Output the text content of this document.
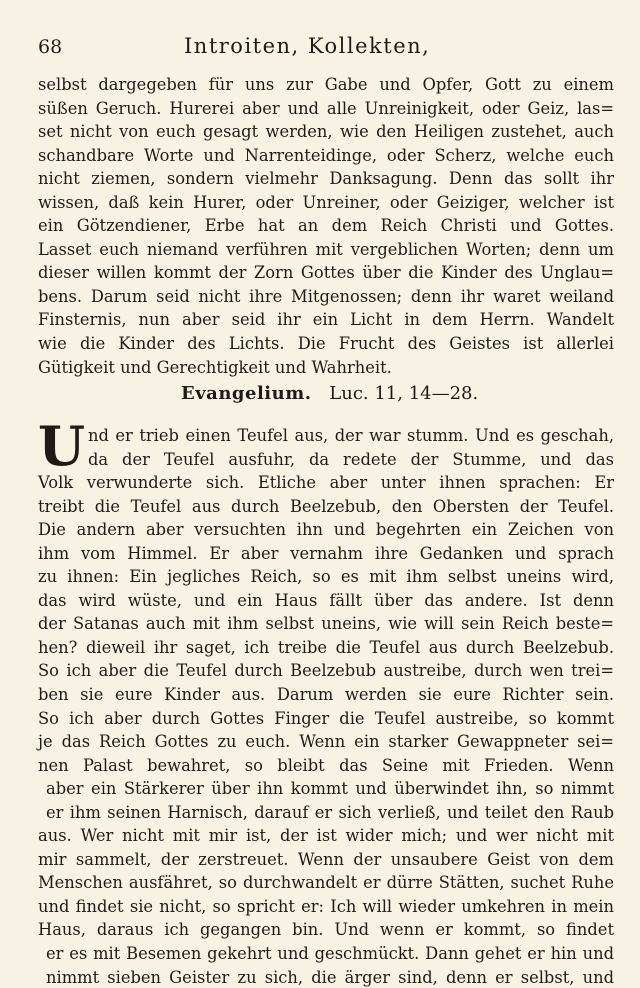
68	Introiten, Kollekten,
selbst dargegeben für uns zur Gabe und Opfer, Gott zu einem
süßen Geruch. Hurerei aber und alle Unreinigkeit, oder Geiz, las=
set nicht von euch gesagt werden, wie den Heiligen zustehet, auch
schandbare Worte und Narrenteidinge, oder Scherz, welche euch
nicht ziemen, sondern vielmehr Danksagung. Denn das sollt ihr
wissen, daß kein Hurer, oder Unreiner, oder Geiziger, welcher ist
ein Götzendiener, Erbe hat an dem Reich Christi und Gottes.
Lasset euch niemand verführen mit vergeblichen Worten; denn um
dieser willen kommt der Zorn Gottes über die Kinder des Unglau=
bens. Darum seid nicht ihre Mitgenossen; denn ihr waret weiland
Finsternis, nun aber seid ihr ein Licht in dem Herrn. Wandelt
wie die Kinder des Lichts. Die Frucht des Geistes ist allerlei
Gütigkeit und Gerechtigkeit und Wahrheit.
Evangelium. Luc. 11, 14—28.
U nd er trieb einen Teufel aus, der war stumm. Und es geschah,
da der Teufel ausfuhr, da redete der Stumme, und das
Volk verwunderte sich. Etliche aber unter ihnen sprachen: Er
treibt die Teufel aus durch Beelzebub, den Obersten der Teufel.
Die andern aber versuchten ihn und begehrten ein Zeichen von
ihm vom Himmel. Er aber vernahm ihre Gedanken und sprach
zu ihnen: Ein jegliches Reich, so es mit ihm selbst uneins wird,
das wird wüste, und ein Haus fällt über das andere. Ist denn
der Satanas auch mit ihm selbst uneins, wie will sein Reich beste=
hen? dieweil ihr saget, ich treibe die Teufel aus durch Beelzebub.
So ich aber die Teufel durch Beelzebub austreibe, durch wen trei=
ben sie eure Kinder aus. Darum werden sie eure Richter sein.
So ich aber durch Gottes Finger die Teufel austreibe, so kommt
je das Reich Gottes zu euch. Wenn ein starker Gewappneter sei=
nen Palast bewahret, so bleibt das Seine mit Frieden. Wenn
aber ein Stärkerer über ihn kommt und überwindet ihn, so nimmt
er ihm seinen Harnisch, darauf er sich verließ, und teilet den Raub
aus. Wer nicht mit mir ist, der ist wider mich; und wer nicht mit
mir sammelt, der zerstreuet. Wenn der unsaubere Geist von dem
Menschen ausfähret, so durchwandelt er dürre Stätten, suchet Ruhe
und findet sie nicht, so spricht er: Ich will wieder umkehren in mein
Haus, daraus ich gegangen bin. Und wenn er kommt, so findet
er es mit Besemen gekehrt und geschmückt. Dann gehet er hin und
nimmt sieben Geister zu sich, die ärger sind, denn er selbst, und
